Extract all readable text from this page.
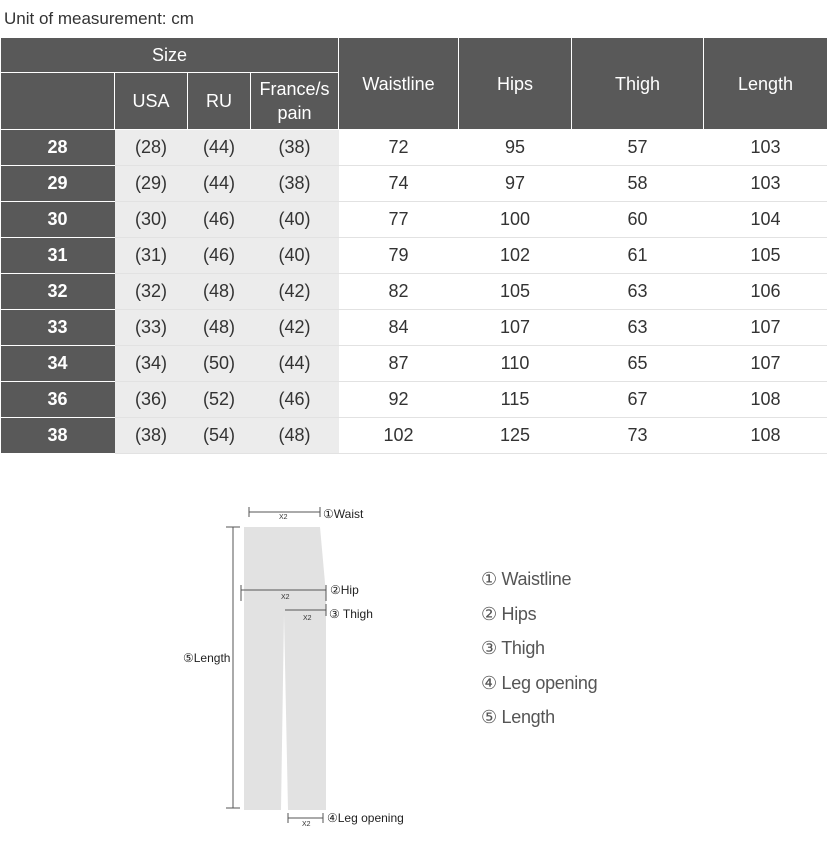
Unit of measurement: cm
Size				Waistline	Hips	Thigh	Length
	USA	RU	France/s pain				
28	(28)	(44)	(38)	72	95	57	103
29	(29)	(44)	(38)	74	97	58	103
30	(30)	(46)	(40)	77	100	60	104
31	(31)	(46)	(40)	79	102	61	105
32	(32)	(48)	(42)	82	105	63	106
33	(33)	(48)	(42)	84	107	63	107
34	(34)	(50)	(44)	87	110	65	107
36	(36)	(52)	(46)	92	115	67	108
38	(38)	(54)	(48)	102	125	73	108
X2	①Waist
X2
②Hip
X2 ③ Thigh
⑤Length
X2 ④Leg opening
① Waistline
② Hips
③ Thigh
④ Leg opening
⑤ Length
